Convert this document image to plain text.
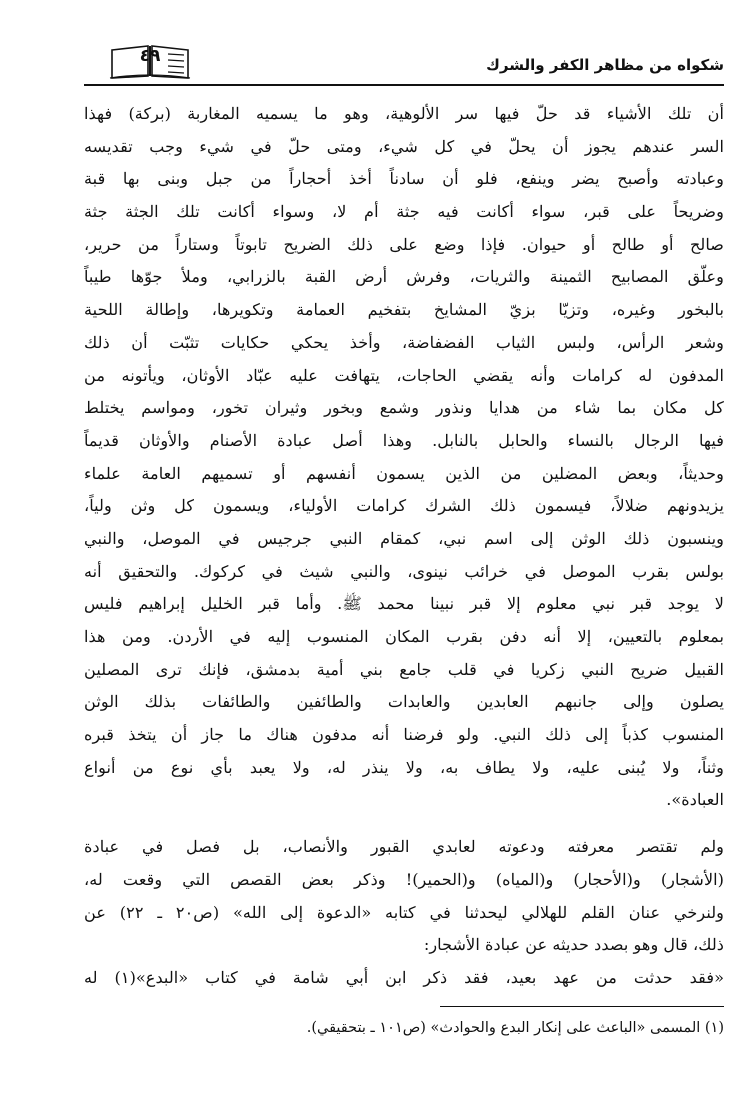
شكواه من مظاهر الكفر والشرك
٤٩
أن تلك الأشياء قد حلّ فيها سر الألوهية، وهو ما يسميه المغاربة (بركة) فهذا
السر عندهم يجوز أن يحلّ في كل شيء، ومتى حلّ في شيء وجب تقديسه
وعبادته وأصبح يضر وينفع، فلو أن سادناً أخذ أحجاراً من جبل وبنى بها قبة
وضريحاً على قبر، سواء أكانت فيه جثة أم لا، وسواء أكانت تلك الجثة جثة
صالح أو طالح أو حيوان. فإذا وضع على ذلك الضريح تابوتاً وستاراً من حرير،
وعلّق المصابيح الثمينة والثريات، وفرش أرض القبة بالزرابي، وملأ جوّها طيباً
بالبخور وغيره، وتزيّا بزيّ المشايخ بتفخيم العمامة وتكويرها، وإطالة اللحية
وشعر الرأس، ولبس الثياب الفضفاضة، وأخذ يحكي حكايات تثبّت أن ذلك
المدفون له كرامات وأنه يقضي الحاجات، يتهافت عليه عبّاد الأوثان، ويأتونه من
كل مكان بما شاء من هدايا ونذور وشمع وبخور وثيران تخور، ومواسم يختلط
فيها الرجال بالنساء والحابل بالنابل. وهذا أصل عبادة الأصنام والأوثان قديماً
وحديثاً، وبعض المضلين من الذين يسمون أنفسهم أو تسميهم العامة علماء
يزيدونهم ضلالاً، فيسمون ذلك الشرك كرامات الأولياء، ويسمون كل وثن ولياً،
وينسبون ذلك الوثن إلى اسم نبي، كمقام النبي جرجيس في الموصل، والنبي
بولس بقرب الموصل في خرائب نينوى، والنبي شيث في كركوك. والتحقيق أنه
لا يوجد قبر نبي معلوم إلا قبر نبينا محمد ﷺ. وأما قبر الخليل إبراهيم فليس
بمعلوم بالتعيين، إلا أنه دفن بقرب المكان المنسوب إليه في الأردن. ومن هذا
القبيل ضريح النبي زكريا في قلب جامع بني أمية بدمشق، فإنك ترى المصلين
يصلون وإلى جانبهم العابدين والعابدات والطائفين والطائفات بذلك الوثن
المنسوب كذباً إلى ذلك النبي. ولو فرضنا أنه مدفون هناك ما جاز أن يتخذ قبره
وثناً، ولا يُبنى عليه، ولا يطاف به، ولا ينذر له، ولا يعبد بأي نوع من أنواع
العبادة».
ولم تقتصر معرفته ودعوته لعابدي القبور والأنصاب، بل فصل في عبادة
(الأشجار) و(الأحجار) و(المياه) و(الحمير)! وذكر بعض القصص التي وقعت له،
ولنرخي عنان القلم للهلالي ليحدثنا في كتابه «الدعوة إلى الله» (ص٢٠ ـ ٢٢) عن
ذلك، قال وهو بصدد حديثه عن عبادة الأشجار:
«فقد حدثت من عهد بعيد، فقد ذكر ابن أبي شامة في كتاب «البدع»(١) له
(١) المسمى «الباعث على إنكار البدع والحوادث» (ص١٠١ ـ بتحقيقي).
